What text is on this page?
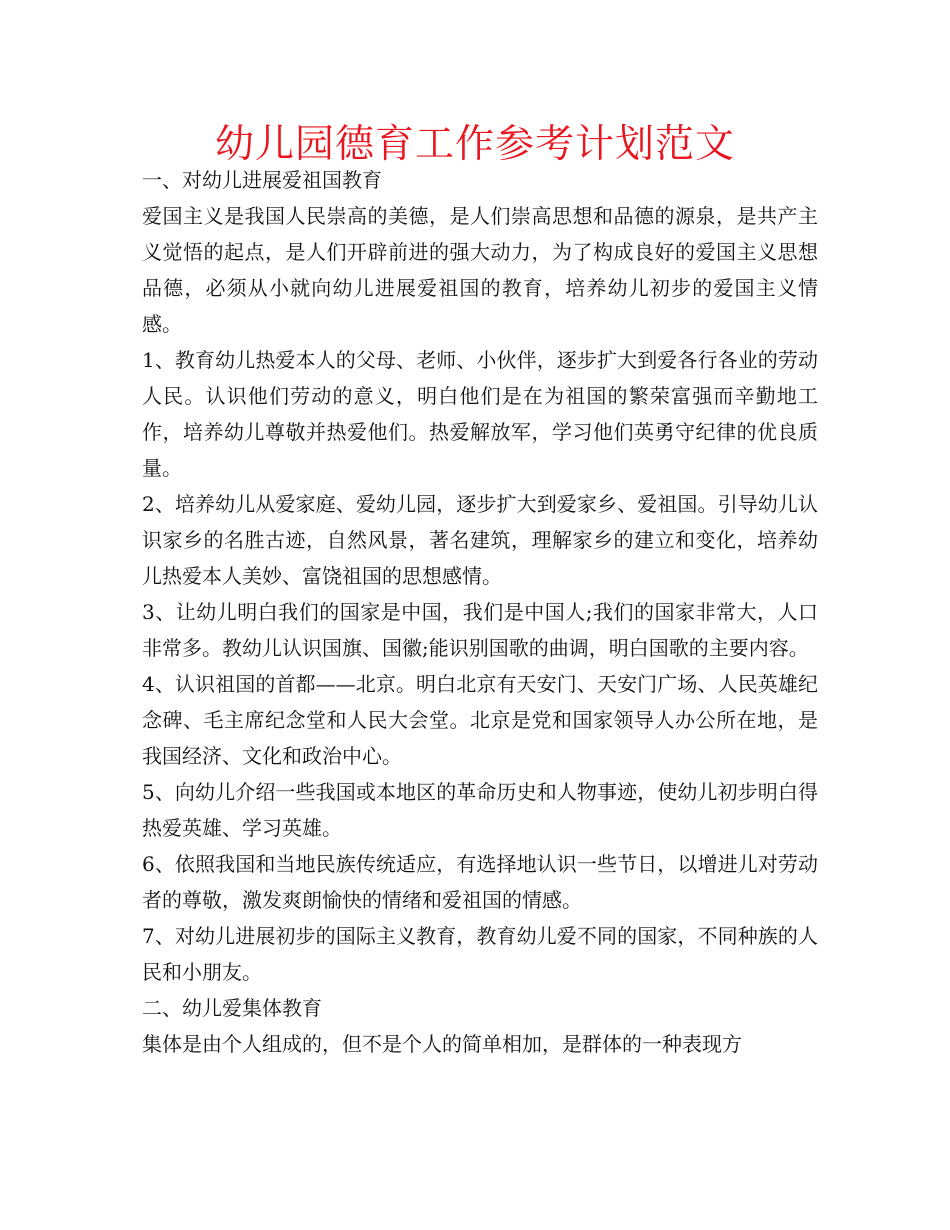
幼儿园德育工作参考计划范文

一、对幼儿进展爱祖国教育

爱国主义是我国人民崇高的美德，是人们崇高思想和品德的源泉，是共产主义觉悟的起点，是人们开辟前进的强大动力，为了构成良好的爱国主义思想品德，必须从小就向幼儿进展爱祖国的教育，培养幼儿初步的爱国主义情感。

1、教育幼儿热爱本人的父母、老师、小伙伴，逐步扩大到爱各行各业的劳动人民。认识他们劳动的意义，明白他们是在为祖国的繁荣富强而辛勤地工作，培养幼儿尊敬并热爱他们。热爱解放军，学习他们英勇守纪律的优良质量。

2、培养幼儿从爱家庭、爱幼儿园，逐步扩大到爱家乡、爱祖国。引导幼儿认识家乡的名胜古迹，自然风景，著名建筑，理解家乡的建立和变化，培养幼儿热爱本人美妙、富饶祖国的思想感情。

3、让幼儿明白我们的国家是中国，我们是中国人;我们的国家非常大，人口非常多。教幼儿认识国旗、国徽;能识别国歌的曲调，明白国歌的主要内容。

4、认识祖国的首都——北京。明白北京有天安门、天安门广场、人民英雄纪念碑、毛主席纪念堂和人民大会堂。北京是党和国家领导人办公所在地，是我国经济、文化和政治中心。

5、向幼儿介绍一些我国或本地区的革命历史和人物事迹，使幼儿初步明白得热爱英雄、学习英雄。

6、依照我国和当地民族传统适应，有选择地认识一些节日，以增进儿对劳动者的尊敬，激发爽朗愉快的情绪和爱祖国的情感。

7、对幼儿进展初步的国际主义教育，教育幼儿爱不同的国家，不同种族的人民和小朋友。

二、幼儿爱集体教育

集体是由个人组成的，但不是个人的简单相加，是群体的一种表现方
